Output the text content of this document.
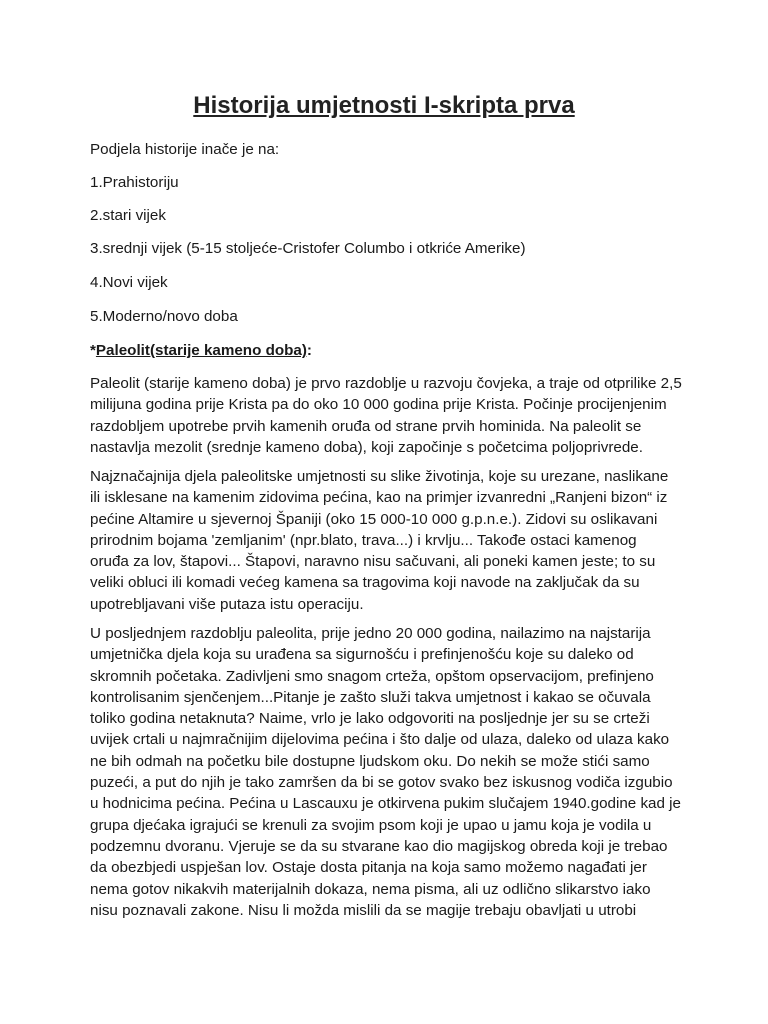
Historija umjetnosti I-skripta prva

Podjela historije inače je na:

1.Prahistoriju

2.stari vijek

3.srednji vijek (5-15 stoljeće-Cristofer Columbo i otkriće Amerike)

4.Novi vijek

5.Moderno/novo doba

*Paleolit(starije kameno doba):

Paleolit (starije kameno doba) je prvo razdoblje u razvoju čovjeka, a traje od otprilike 2,5
milijuna godina prije Krista pa do oko 10 000 godina prije Krista. Počinje procijenjenim
razdobljem upotrebe prvih kamenih oruđa od strane prvih hominida. Na paleolit se
nastavlja mezolit (srednje kameno doba), koji započinje s početcima poljoprivrede.
Najznačajnija djela paleolitske umjetnosti su slike životinja, koje su urezane, naslikane
ili isklesane na kamenim zidovima pećina, kao na primjer izvanredni „Ranjeni bizon“ iz
pećine Altamire u sjevernoj Španiji (oko 15 000-10 000 g.p.n.e.). Zidovi su oslikavani
prirodnim bojama 'zemljanim' (npr.blato, trava...) i krvlju... Takođe ostaci kamenog
oruđa za lov, štapovi... Štapovi, naravno nisu sačuvani, ali poneki kamen jeste; to su
veliki obluci ili komadi većeg kamena sa tragovima koji navode na zaključak da su
upotrebljavani više putaza istu operaciju.
U posljednjem razdoblju paleolita, prije jedno 20 000 godina, nailazimo na najstarija
umjetnička djela koja su urađena sa sigurnošću i prefinjenošću koje su daleko od
skromnih početaka. Zadivljeni smo snagom crteža, opštom opservacijom, prefinjeno
kontrolisanim sjenčenjem...Pitanje je zašto služi takva umjetnost i kakao se očuvala
toliko godina netaknuta? Naime, vrlo je lako odgovoriti na posljednje jer su se crteži
uvijek crtali u najmračnijim dijelovima pećina i što dalje od ulaza, daleko od ulaza kako
ne bih odmah na početku bile dostupne ljudskom oku. Do nekih se može stići samo
puzeći, a put do njih je tako zamršen da bi se gotov svako bez iskusnog vodiča izgubio
u hodnicima pećina. Pećina u Lascauxu je otkirvena pukim slučajem 1940.godine kad je
grupa djećaka igrajući se krenuli za svojim psom koji je upao u jamu koja je vodila u
podzemnu dvoranu. Vjeruje se da su stvarane kao dio magijskog obreda koji je trebao
da obezbjedi uspješan lov. Ostaje dosta pitanja na koja samo možemo nagađati jer
nema gotov nikakvih materijalnih dokaza, nema pisma, ali uz odlično slikarstvo iako
nisu poznavali zakone. Nisu li možda mislili da se magije trebaju obavljati u utrobi
